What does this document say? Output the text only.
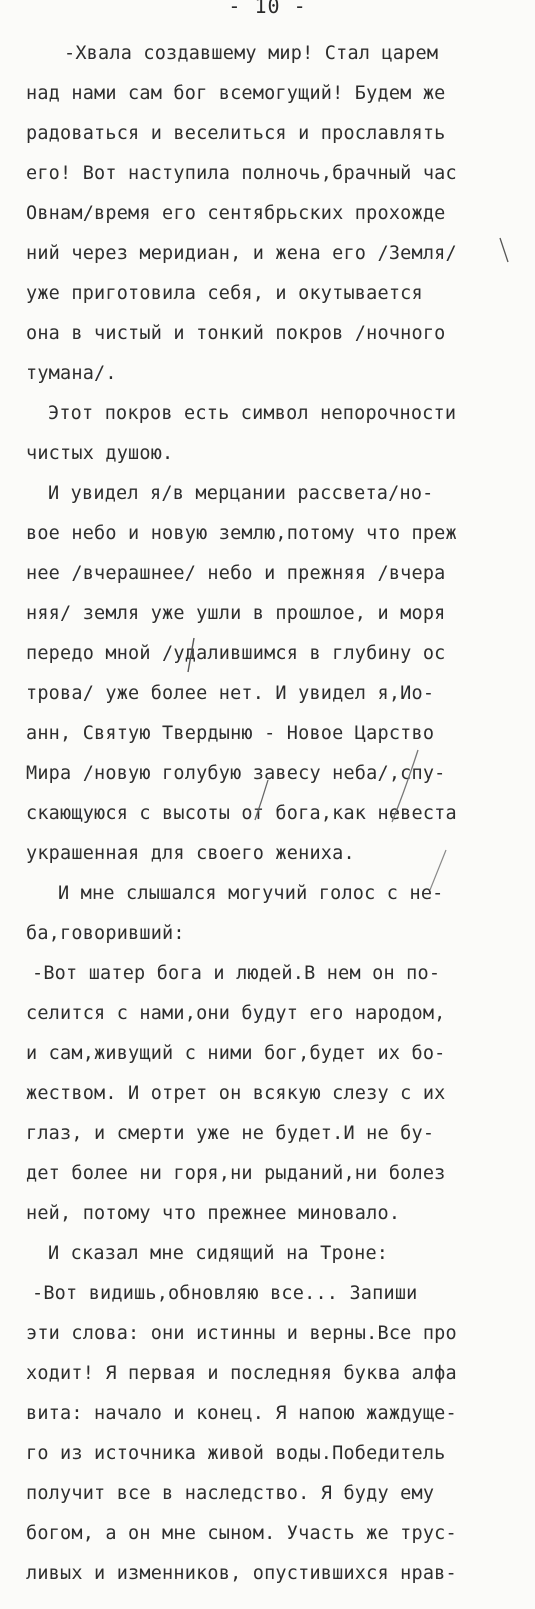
- 10 -
-Хвала создавшему мир! Стал царем
над нами сам бог всемогущий! Будем же
радоваться и веселиться и прославлять
его! Вот наступила полночь,брачный час
Овнам/время его сентябрьских прохожде
ний через меридиан, и жена его /Земля/
уже приготовила себя, и окутывается
она в чистый и тонкий покров /ночного
тумана/.
Этот покров есть символ непорочности
чистых душою.
И увидел я/в мерцании рассвета/но-
вое небо и новую землю,потому что преж
нее /вчерашнее/ небо и прежняя /вчера
няя/ земля уже ушли в прошлое, и моря
передо мной /удалившимся в глубину ос
трова/ уже более нет. И увидел я,Ио-
анн, Святую Твердыню - Новое Царство
Мира /новую голубую завесу неба/,спу-
скающуюся с высоты от бога,как невеста
украшенная для своего жениха.
И мне слышался могучий голос с не-
ба,говоривший:
-Вот шатер бога и людей.В нем он по-
селится с нами,они будут его народом,
и сам,живущий с ними бог,будет их бо-
жеством. И отрет он всякую слезу с их
глаз, и смерти уже не будет.И не бу-
дет более ни горя,ни рыданий,ни болез
ней, потому что прежнее миновало.
И сказал мне сидящий на Троне:
-Вот видишь,обновляю все... Запиши
эти слова: они истинны и верны.Все про
ходит! Я первая и последняя буква алфа
вита: начало и конец. Я напою жаждуще-
го из источника живой воды.Победитель
получит все в наследство. Я буду ему
богом, а он мне сыном. Участь же трус-
ливых и изменников, опустившихся нрав-
